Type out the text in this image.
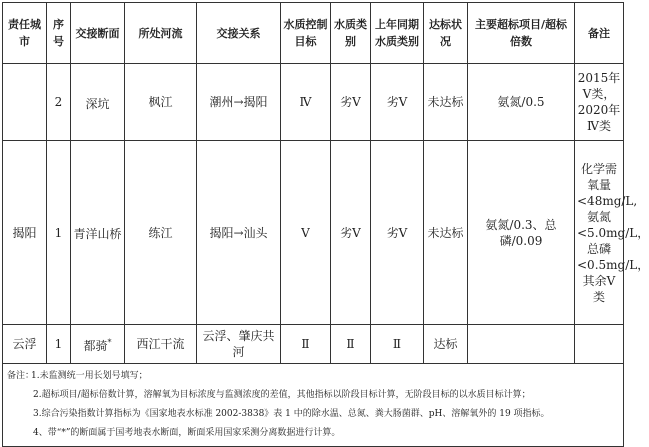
责任城市	序号	交接断面	所处河流	交接关系	水质控制目标	水质类别	上年同期水质类别	达标状况	主要超标项目/超标倍数	备注
	2	深坑	枫江	潮州→揭阳	Ⅳ	劣Ⅴ	劣Ⅴ	未达标	氨氮/0.5	2015年Ⅴ类，2020年Ⅳ类
揭阳	1	青洋山桥	练江	揭阳→汕头	Ⅴ	劣Ⅴ	劣Ⅴ	未达标	氨氮/0.3、总磷/0.09	化学需氧量<48mg/L,氨氮<5.0mg/L，总磷<0.5mg/L，其余Ⅴ类
云浮	1	都骑*	西江干流	云浮、肇庆共河	Ⅱ	Ⅱ	Ⅱ	达标		

备注：1.未监测统一用长划号填写；
2.超标项目/超标倍数计算，溶解氧为目标浓度与监测浓度的差值，其他指标以阶段目标计算，无阶段目标的以水质目标计算；
3.综合污染指数计算指标为《国家地表水标准 2002-3838》表 1 中的除水温、总氮、粪大肠菌群、pH、溶解氧外的 19 项指标。
4、带“*”的断面属于国考地表水断面，断面采用国家采测分离数据进行计算。										
